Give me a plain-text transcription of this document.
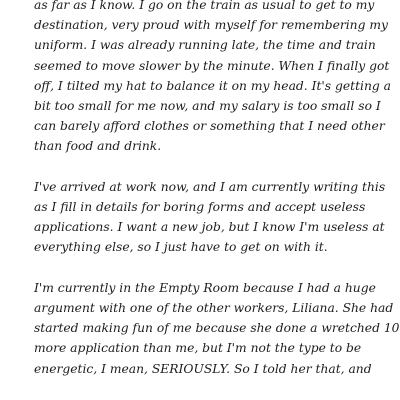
as far as I know. I go on the train as usual to get to my
destination, very proud with myself for remembering my
uniform. I was already running late, the time and train
seemed to move slower by the minute. When I finally got
off, I tilted my hat to balance it on my head. It's getting a
bit too small for me now, and my salary is too small so I
can barely afford clothes or something that I need other
than food and drink.

I've arrived at work now, and I am currently writing this
as I fill in details for boring forms and accept useless
applications. I want a new job, but I know I'm useless at
everything else, so I just have to get on with it.

I'm currently in the Empty Room because I had a huge
argument with one of the other workers, Liliana. She had
started making fun of me because she done a wretched 10
more application than me, but I'm not the type to be
energetic, I mean, SERIOUSLY. So I told her that, and
